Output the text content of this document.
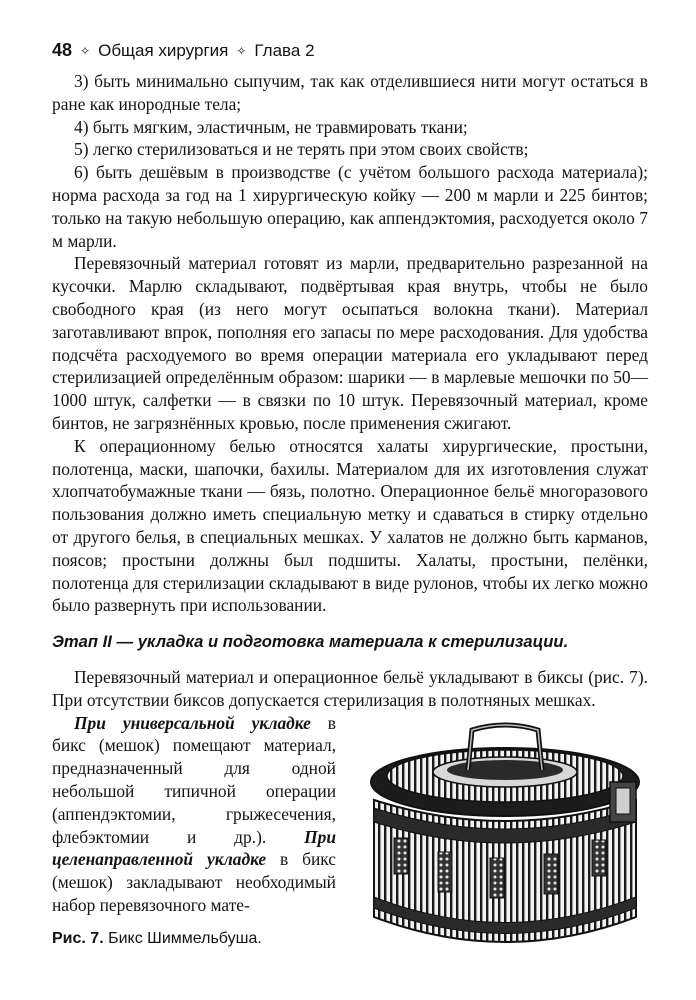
48 ✧ Общая хирургия ✧ Глава 2

3) быть минимально сыпучим, так как отделившиеся нити могут остаться в ране как инородные тела;

4) быть мягким, эластичным, не травмировать ткани;

5) легко стерилизоваться и не терять при этом своих свойств;

6) быть дешёвым в производстве (с учётом большого расхода материала); норма расхода за год на 1 хирургическую койку — 200 м марли и 225 бинтов; только на такую небольшую операцию, как аппендэктомия, расходуется около 7 м марли.

Перевязочный материал готовят из марли, предварительно разрезанной на кусочки. Марлю складывают, подвёртывая края внутрь, чтобы не было свободного края (из него могут осыпаться волокна ткани). Материал заготавливают впрок, пополняя его запасы по мере расходования. Для удобства подсчёта расходуемого во время операции материала его укладывают перед стерилизацией определённым образом: шарики — в марлевые мешочки по 50—1000 штук, салфетки — в связки по 10 штук. Перевязочный материал, кроме бинтов, не загрязнённых кровью, после применения сжигают.

К операционному белью относятся халаты хирургические, простыни, полотенца, маски, шапочки, бахилы. Материалом для их изготовления служат хлопчатобумажные ткани — бязь, полотно. Операционное бельё многоразового пользования должно иметь специальную метку и сдаваться в стирку отдельно от другого белья, в специальных мешках. У халатов не должно быть карманов, поясов; простыни должны был подшиты. Халаты, простыни, пелёнки, полотенца для стерилизации складывают в виде рулонов, чтобы их легко можно было развернуть при использовании.

Этап II — укладка и подготовка материала к стерилизации.

Перевязочный материал и операционное бельё укладывают в биксы (рис. 7). При отсутствии биксов допускается стерилизация в полотняных мешках.

При универсальной укладке в бикс (мешок) помещают материал, предназначенный для одной небольшой типичной операции (аппендэктомии, грыжесечения, флебэктомии и др.). При целенаправленной укладке в бикс (мешок) закладывают необходимый набор перевязочного мате-

Рис. 7. Бикс Шиммельбуша.
